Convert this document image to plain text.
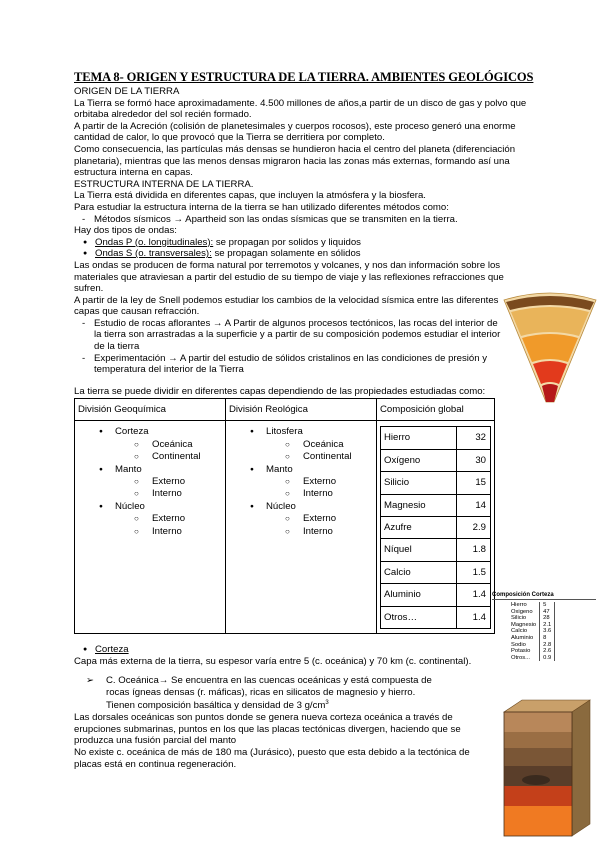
TEMA 8- ORIGEN Y ESTRUCTURA DE LA TIERRA. AMBIENTES GEOLÓGICOS

ORIGEN DE LA TIERRA

La Tierra se formó hace aproximadamente. 4.500 millones de años,a partir de un disco de gas y polvo que orbitaba alrededor del sol recién formado.

A partir de la Acreción (colisión de planetesimales y cuerpos rocosos), este proceso generó una enorme cantidad de calor, lo que provocó que la Tierra se derritiera por completo.

Como consecuencia, las partículas más densas se hundieron hacia el centro del planeta (diferenciación planetaria), mientras que las menos densas migraron hacia las zonas más externas, formando así una estructura interna en capas.

ESTRUCTURA INTERNA DE LA TIERRA.

La Tierra está dividida en diferentes capas, que incluyen la atmósfera y la biosfera.

Para estudiar la estructura interna de la tierra se han utilizado diferentes métodos como:

- Métodos sísmicos → Apartheid son las ondas sísmicas que se transmiten en la tierra.

Hay dos tipos de ondas:

● Ondas P (o. longitudinales): se propagan por solidos y liquidos
● Ondas S (o. transversales): se propagan solamente en sólidos

Las ondas se producen de forma natural por terremotos y volcanes, y nos dan información sobre los materiales que atraviesan a partir del estudio de su tiempo de viaje y las reflexiones refracciones que sufren.

A partir de la ley de Snell podemos estudiar los cambios de la velocidad sísmica entre las diferentes capas que causan refracción.

- Estudio de rocas aflorantes → A Partir de algunos procesos tectónicos, las rocas del interior de la tierra son arrastradas a la superficie y a partir de su composición podemos estudiar el interior de la tierra
- Experimentación → A partir del estudio de sólidos cristalinos en las condiciones de presión y temperatura del interior de la Tierra

La tierra se puede dividir en diferentes capas dependiendo de las propiedades estudiadas como:

División Geoquímica	División Reológica	Composición global

● Corteza
○ Oceánica
○ Continental
● Manto
○ Externo
○ Interno
● Núcleo
○ Externo
○ Interno

● Litosfera
○ Oceánica
○ Continental
● Manto
○ Externo
○ Interno
● Núcleo
○ Externo
○ Interno

Hierro	32
Oxígeno	30
Silicio	15
Magnesio	14
Azufre	2.9
Níquel	1.8
Calcio	1.5
Aluminio	1.4
Otros…	1.4
● Corteza

Capa más externa de la tierra, su espesor varía entre 5 (c. oceánica) y 70 km (c. continental).

➢ C. Oceánica→ Se encuentra en las cuencas oceánicas y está compuesta de
rocas ígneas densas (r. máficas), ricas en silicatos de magnesio y hierro.
Tienen composición basáltica y densidad de 3 $g/cm^3$

Las dorsales oceánicas son puntos donde se genera nueva corteza oceánica a través de erupciones submarinas, puntos en los que las placas tectónicas divergen, haciendo que se produzca una fusión parcial del manto

No existe c. oceánica de más de 180 ma (Jurásico), puesto que esta debido a la tectónica de placas está en continua regeneración.

Composición Corteza
Hierro	5
Oxigeno	47
Silicio	28
Magnesio	2.1
Calcio	3.6
Aluminio	8
Sodio	2.8
Potasio	2.6
Otros...	0.9
